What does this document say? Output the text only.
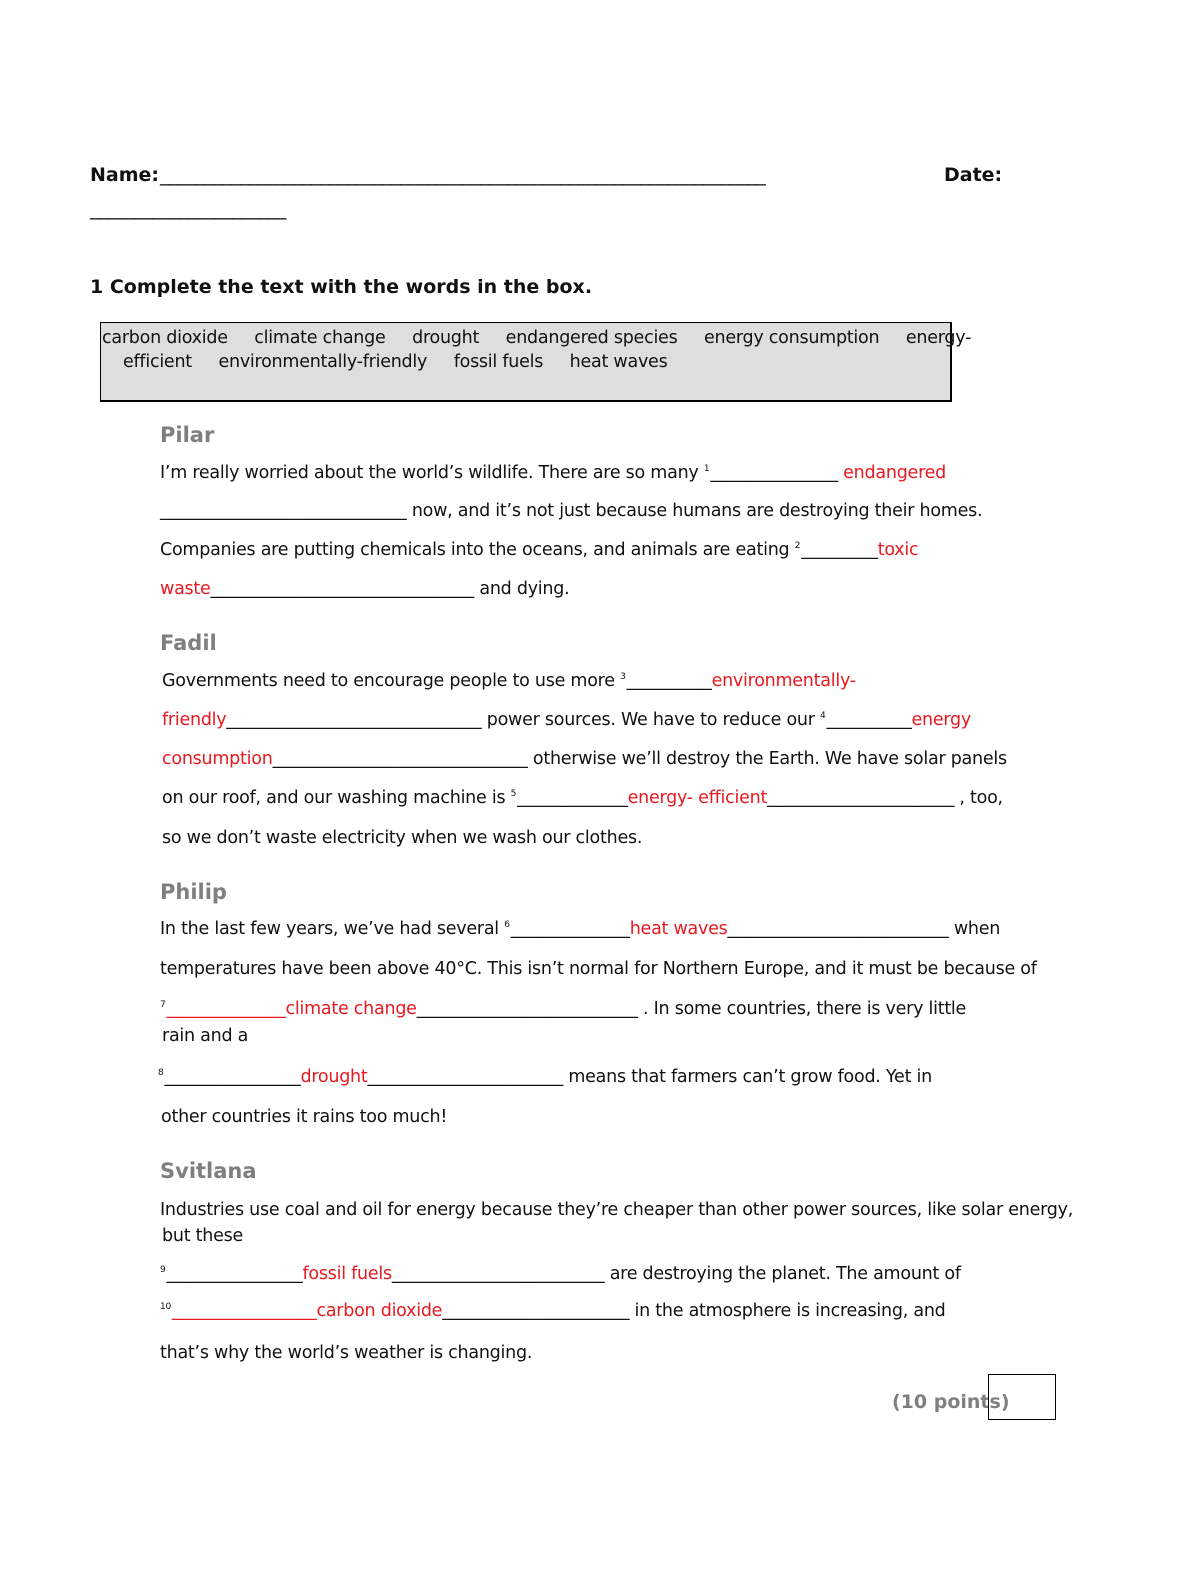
Name: ____________________________________________________________________	Date:
______________________
1 Complete the text with the words in the box.
carbon dioxide     climate change     drought     endangered species     energy consumption     energy-
efficient     environmentally-friendly     fossil fuels     heat waves
Pilar
I’m really worried about the world’s wildlife. There are so many $^1$_______________ endangered
_____________________________ now, and it’s not just because humans are destroying their homes.
Companies are putting chemicals into the oceans, and animals are eating $^2$_________toxic
waste_______________________________ and dying.
Fadil
Governments need to encourage people to use more $^3$__________environmentally-
friendly______________________________ power sources. We have to reduce our $^4$__________energy
consumption______________________________ otherwise we’ll destroy the Earth. We have solar panels
on our roof, and our washing machine is $^5$_____________energy- efficient______________________ , too,
so we don’t waste electricity when we wash our clothes.
Philip
In the last few years, we’ve had several $^6$______________heat waves__________________________ when
temperatures have been above 40°C. This isn’t normal for Northern Europe, and it must be because of
$^7$______________climate change__________________________ . In some countries, there is very little
rain and a
$^8$________________drought_______________________ means that farmers can’t grow food. Yet in
other countries it rains too much!
Svitlana
Industries use coal and oil for energy because they’re cheaper than other power sources, like solar energy,
but these
$^9$________________fossil fuels_________________________ are destroying the planet. The amount of
$^{10}$_________________carbon dioxide______________________ in the atmosphere is increasing, and
that’s why the world’s weather is changing.
(10 points)
